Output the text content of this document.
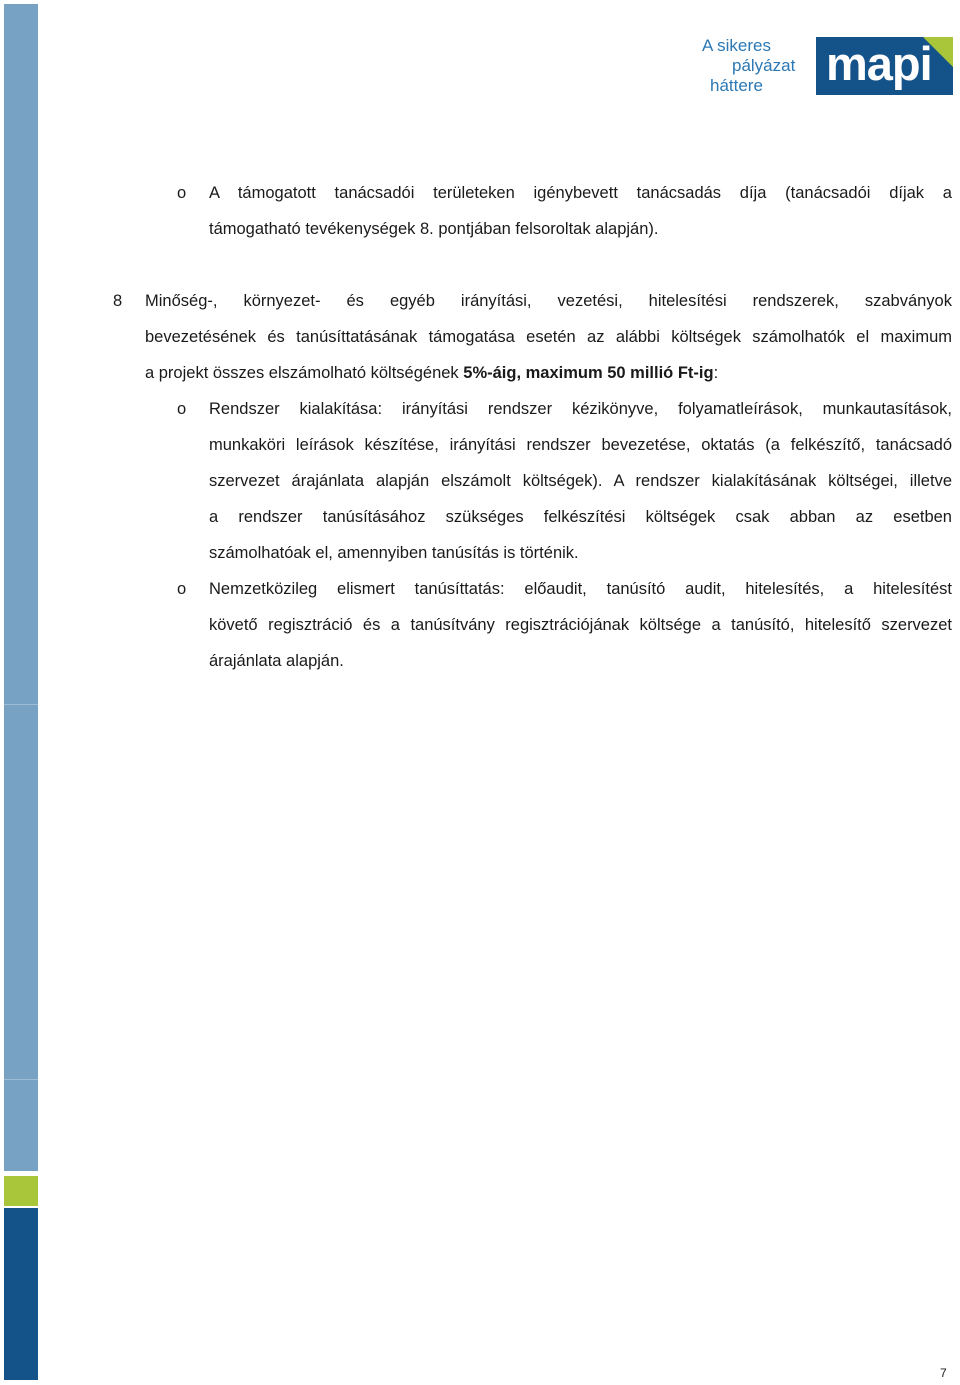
A sikeres
pályázat
háttere	mapi
o A támogatott tanácsadói területeken igénybevett tanácsadás díja (tanácsadói díjak a
támogatható tevékenységek 8. pontjában felsoroltak alapján).
8 Minőség-, környezet- és egyéb irányítási, vezetési, hitelesítési rendszerek, szabványok
bevezetésének és tanúsíttatásának támogatása esetén az alábbi költségek számolhatók el maximum
a projekt összes elszámolható költségének 5%-áig, maximum 50 millió Ft-ig:
o Rendszer kialakítása: irányítási rendszer kézikönyve, folyamatleírások, munkautasítások,
munkaköri leírások készítése, irányítási rendszer bevezetése, oktatás (a felkészítő, tanácsadó
szervezet árajánlata alapján elszámolt költségek). A rendszer kialakításának költségei, illetve
a rendszer tanúsításához szükséges felkészítési költségek csak abban az esetben
számolhatóak el, amennyiben tanúsítás is történik.
o Nemzetközileg elismert tanúsíttatás: előaudit, tanúsító audit, hitelesítés, a hitelesítést
követő regisztráció és a tanúsítvány regisztrációjának költsége a tanúsító, hitelesítő szervezet
árajánlata alapján.
7
